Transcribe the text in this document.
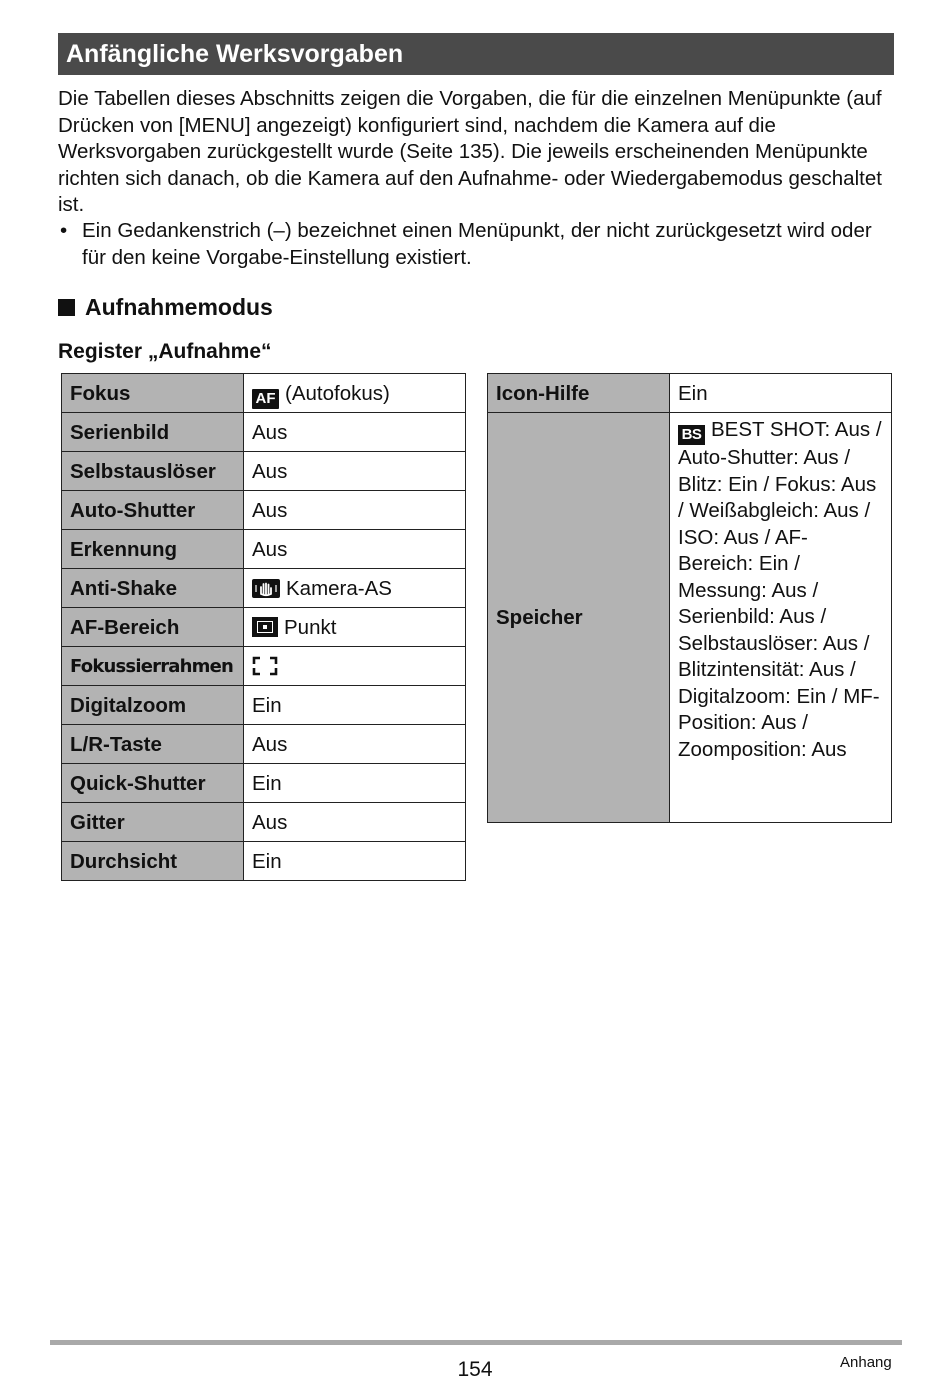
Anfängliche Werksvorgaben

Die Tabellen dieses Abschnitts zeigen die Vorgaben, die für die einzelnen Menüpunkte (auf Drücken von [MENU] angezeigt) konfiguriert sind, nachdem die Kamera auf die Werksvorgaben zurückgestellt wurde (Seite 135). Die jeweils erscheinenden Menüpunkte richten sich danach, ob die Kamera auf den Aufnahme- oder Wiedergabemodus geschaltet ist.

• Ein Gedankenstrich (–) bezeichnet einen Menüpunkt, der nicht zurückgesetzt wird oder für den keine Vorgabe-Einstellung existiert.

Aufnahmemodus
Register „Aufnahme“
Fokus	AF (Autofokus)
Serienbild	Aus
Selbstauslöser	Aus
Auto-Shutter	Aus
Erkennung	Aus
Anti-Shake	Kamera-AS
AF-Bereich	Punkt
Fokussierrahmen	
Digitalzoom	Ein
L/R-Taste	Aus
Quick-Shutter	Ein
Gitter	Aus
Durchsicht	Ein
Icon-Hilfe	Ein
Speicher	BS BEST SHOT: Aus / Auto-Shutter: Aus / Blitz: Ein / Fokus: Aus / Weißabgleich: Aus / ISO: Aus / AF-Bereich: Ein / Messung: Aus / Serienbild: Aus / Selbstauslöser: Aus / Blitzintensität: Aus / Digitalzoom: Ein / MF-Position: Aus / Zoomposition: Aus
154	Anhang
